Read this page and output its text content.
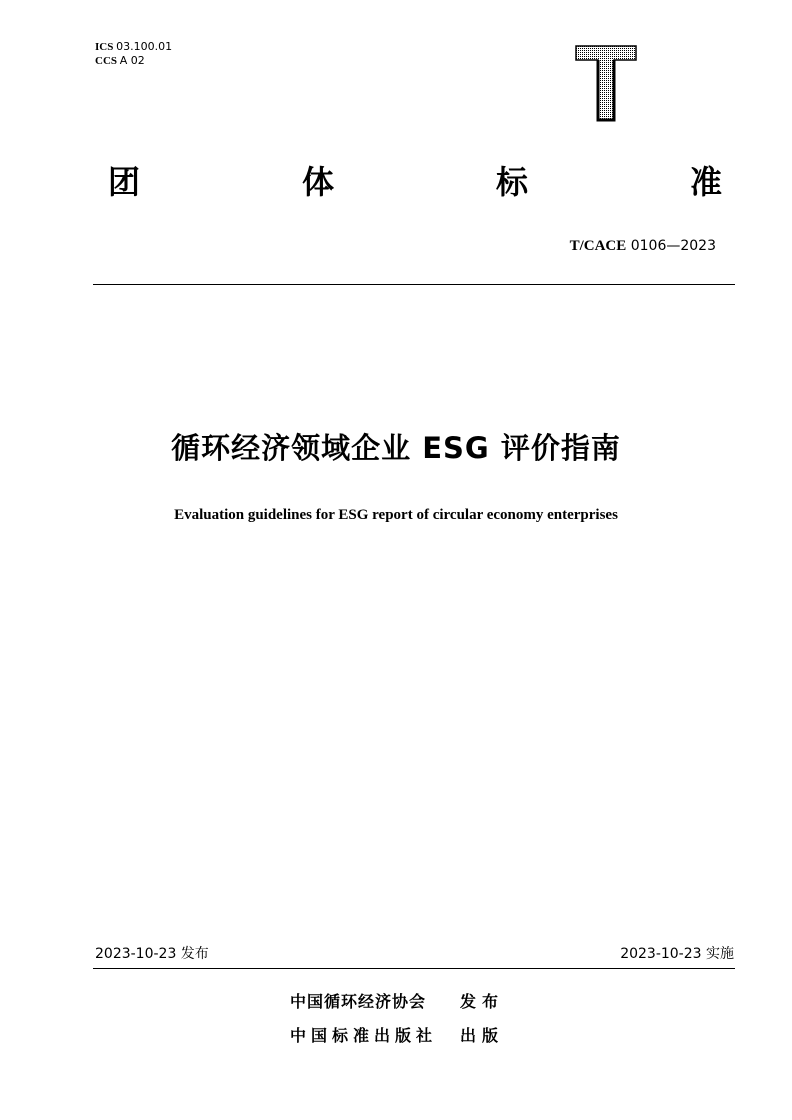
ICS 03.100.01
CCS A 02
T
团	体	标	准
T/CACE 0106—2023
循环经济领域企业 ESG 评价指南
Evaluation guidelines for ESG report of circular economy enterprises
2023-10-23 发布	2023-10-23 实施
中国循环经济协会	发布
中国标准出版社	出版
